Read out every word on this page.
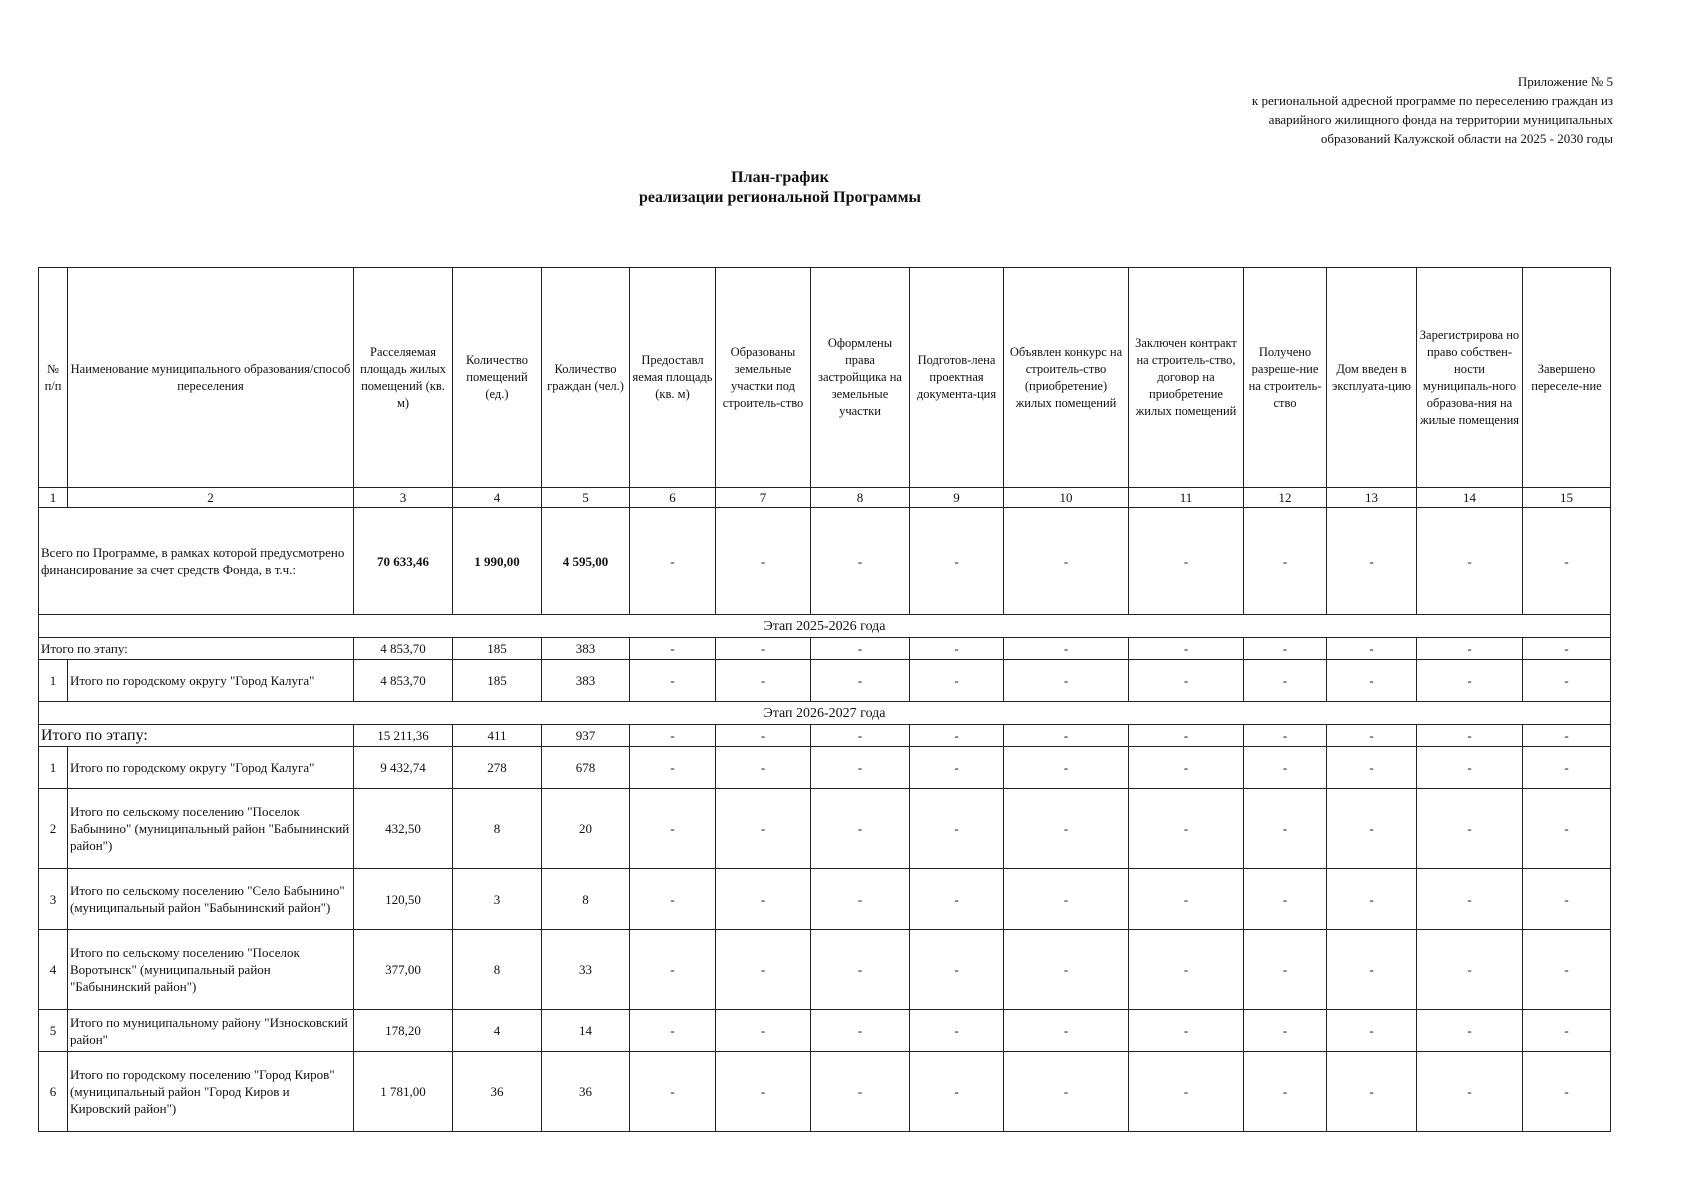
Приложение № 5
к региональной адресной программе по переселению граждан из
аварийного жилищного фонда на территории муниципальных
образований Калужской области на 2025 - 2030 годы
План-график
реализации региональной Программы
№ п/п	Наименование муниципального образования/способ переселения	Расселяемая площадь жилых помещений (кв. м)	Количество помещений (ед.)	Количество граждан (чел.)	Предоставл яемая площадь (кв. м)	Образованы земельные участки под строитель-ство	Оформлены права застройщика на земельные участки	Подготов-лена проектная документа-ция	Объявлен конкурс на строитель-ство (приобретение) жилых помещений	Заключен контракт на строитель-ство, договор на приобретение жилых помещений	Получено разреше-ние на строитель-ство	Дом введен в эксплуата-цию	Зарегистрирова но право собствен-ности муниципаль-ного образова-ния на жилые помещения	Завершено переселе-ние
1	2	3	4	5	6	7	8	9	10	11	12	13	14	15
Всего по Программе, в рамках которой предусмотрено финансирование за счет средств Фонда, в т.ч.:		70 633,46	1 990,00	4 595,00	-	-	-	-	-	-	-	-	-	-
Этап 2025-2026 года														
Итого по этапу:		4 853,70	185	383	-	-	-	-	-	-	-	-	-	-
1	Итого по городскому округу "Город Калуга"	4 853,70	185	383	-	-	-	-	-	-	-	-	-	-
Этап 2026-2027 года														
Итого по этапу:		15 211,36	411	937	-	-	-	-	-	-	-	-	-	-
1	Итого по городскому округу "Город Калуга"	9 432,74	278	678	-	-	-	-	-	-	-	-	-	-
2	Итого по сельскому поселению "Поселок Бабынино" (муниципальный район "Бабынинский район")	432,50	8	20	-	-	-	-	-	-	-	-	-	-
3	Итого по сельскому поселению "Село Бабынино" (муниципальный район "Бабынинский район")	120,50	3	8	-	-	-	-	-	-	-	-	-	-
4	Итого по сельскому поселению "Поселок Воротынск" (муниципальный район "Бабынинский район")	377,00	8	33	-	-	-	-	-	-	-	-	-	-
5	Итого по муниципальному району "Износковский район"	178,20	4	14	-	-	-	-	-	-	-	-	-	-
6	Итого по городскому поселению "Город Киров" (муниципальный район "Город Киров и Кировский район")	1 781,00	36	36	-	-	-	-	-	-	-	-	-	-
